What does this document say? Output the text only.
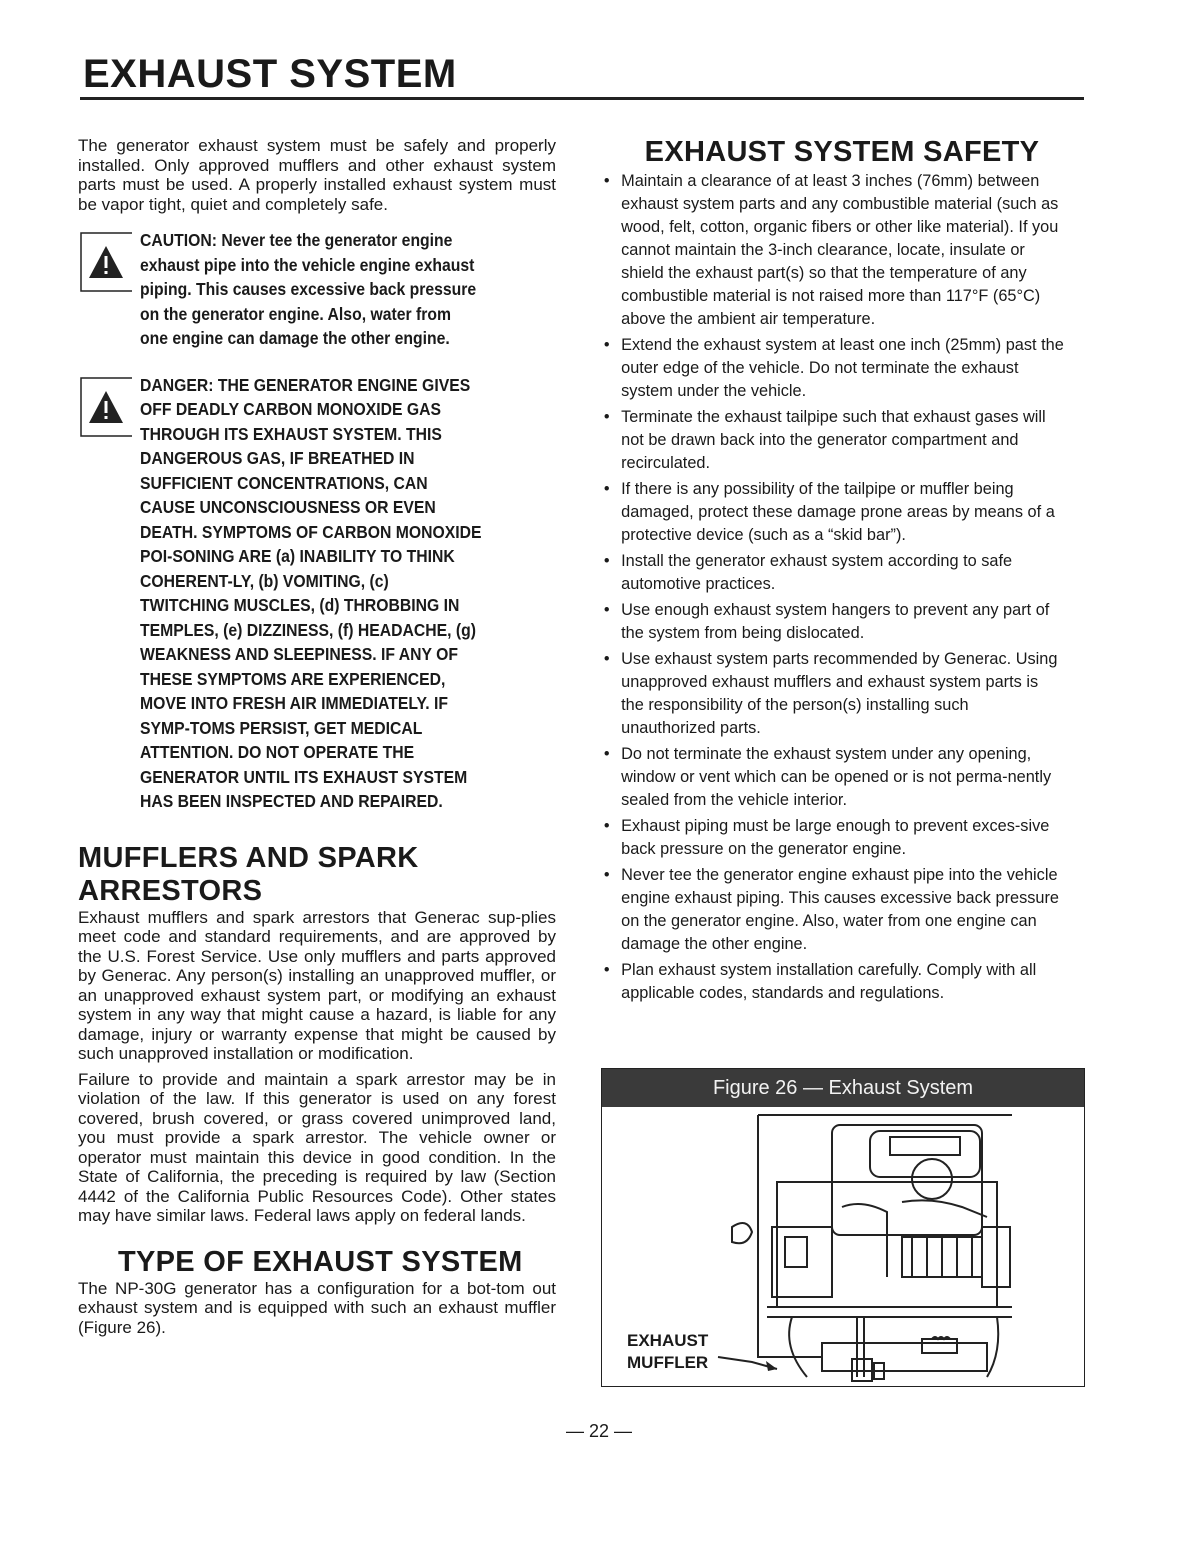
EXHAUST SYSTEM

The generator exhaust system must be safely and properly installed. Only approved mufflers and other exhaust system parts must be used. A properly installed exhaust system must be vapor tight, quiet and completely safe.

CAUTION: Never tee the generator engine exhaust pipe into the vehicle engine exhaust piping. This causes excessive back pressure on the generator engine. Also, water from one engine can damage the other engine.
DANGER: THE GENERATOR ENGINE GIVES OFF DEADLY CARBON MONOXIDE GAS THROUGH ITS EXHAUST SYSTEM. THIS DANGEROUS GAS, IF BREATHED IN SUFFICIENT CONCENTRATIONS, CAN CAUSE UNCONSCIOUSNESS OR EVEN DEATH. SYMPTOMS OF CARBON MONOXIDE POI-SONING ARE (a) INABILITY TO THINK COHERENT-LY, (b) VOMITING, (c) TWITCHING MUSCLES, (d) THROBBING IN TEMPLES, (e) DIZZINESS, (f) HEADACHE, (g) WEAKNESS AND SLEEPINESS. IF ANY OF THESE SYMPTOMS ARE EXPERIENCED, MOVE INTO FRESH AIR IMMEDIATELY. IF SYMP-TOMS PERSIST, GET MEDICAL ATTENTION. DO NOT OPERATE THE GENERATOR UNTIL ITS EXHAUST SYSTEM HAS BEEN INSPECTED AND REPAIRED.
MUFFLERS AND SPARK ARRESTORS

Exhaust mufflers and spark arrestors that Generac sup-plies meet code and standard requirements, and are approved by the U.S. Forest Service. Use only mufflers and parts approved by Generac. Any person(s) installing an unapproved muffler, or an unapproved exhaust system part, or modifying an exhaust system in any way that might cause a hazard, is liable for any damage, injury or warranty expense that might be caused by such unapproved installation or modification.

Failure to provide and maintain a spark arrestor may be in violation of the law. If this generator is used on any forest covered, brush covered, or grass covered unimproved land, you must provide a spark arrestor. The vehicle owner or operator must maintain this device in good condition. In the State of California, the preceding is required by law (Section 4442 of the California Public Resources Code). Other states may have similar laws. Federal laws apply on federal lands.

TYPE OF EXHAUST SYSTEM

The NP-30G generator has a configuration for a bot-tom out exhaust system and is equipped with such an exhaust muffler (Figure 26).

EXHAUST SYSTEM SAFETY
• Maintain a clearance of at least 3 inches (76mm) between exhaust system parts and any combustible material (such as wood, felt, cotton, organic fibers or other like material). If you cannot maintain the 3-inch clearance, locate, insulate or shield the exhaust part(s) so that the temperature of any combustible material is not raised more than 117°F (65°C) above the ambient air temperature.
• Extend the exhaust system at least one inch (25mm) past the outer edge of the vehicle. Do not terminate the exhaust system under the vehicle.
• Terminate the exhaust tailpipe such that exhaust gases will not be drawn back into the generator compartment and recirculated.
• If there is any possibility of the tailpipe or muffler being damaged, protect these damage prone areas by means of a protective device (such as a “skid bar”).
• Install the generator exhaust system according to safe automotive practices.
• Use enough exhaust system hangers to prevent any part of the system from being dislocated.
• Use exhaust system parts recommended by Generac. Using unapproved exhaust mufflers and exhaust system parts is the responsibility of the person(s) installing such unauthorized parts.
• Do not terminate the exhaust system under any opening, window or vent which can be opened or is not perma-nently sealed from the vehicle interior.
• Exhaust piping must be large enough to prevent exces-sive back pressure on the generator engine.
• Never tee the generator engine exhaust pipe into the vehicle engine exhaust piping. This causes excessive back pressure on the generator engine. Also, water from one engine can damage the other engine.
• Plan exhaust system installation carefully. Comply with all applicable codes, standards and regulations.
Figure 26 — Exhaust System
EXHAUST
MUFFLER

— 22 —
